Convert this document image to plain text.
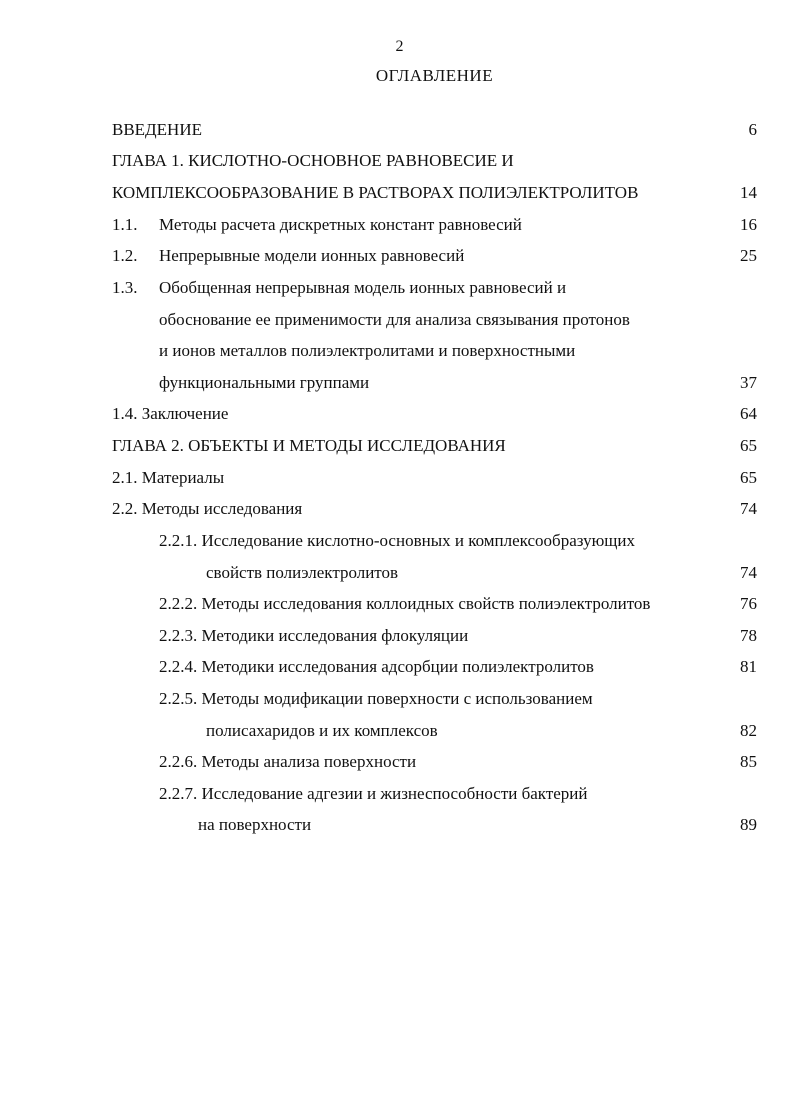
2
ОГЛАВЛЕНИЕ
ВВЕДЕНИЕ	6
ГЛАВА 1. КИСЛОТНО-ОСНОВНОЕ РАВНОВЕСИЕ И
КОМПЛЕКСООБРАЗОВАНИЕ В РАСТВОРАХ ПОЛИЭЛЕКТРОЛИТОВ	14
1.1. Методы расчета дискретных констант равновесий	16
1.2. Непрерывные модели ионных равновесий	25
1.3. Обобщенная непрерывная модель ионных равновесий и
обоснование ее применимости для анализа связывания протонов
и ионов металлов полиэлектролитами и поверхностными
функциональными группами	37
1.4. Заключение	64
ГЛАВА 2. ОБЪЕКТЫ И МЕТОДЫ ИССЛЕДОВАНИЯ	65
2.1. Материалы	65
2.2. Методы исследования	74
2.2.1. Исследование кислотно-основных и комплексообразующих
свойств полиэлектролитов	74
2.2.2. Методы исследования коллоидных свойств полиэлектролитов	76
2.2.3. Методики исследования флокуляции	78
2.2.4. Методики исследования адсорбции полиэлектролитов	81
2.2.5. Методы модификации поверхности с использованием
полисахаридов и их комплексов	82
2.2.6. Методы анализа поверхности	85
2.2.7. Исследование адгезии и жизнеспособности бактерий
на поверхности	89
